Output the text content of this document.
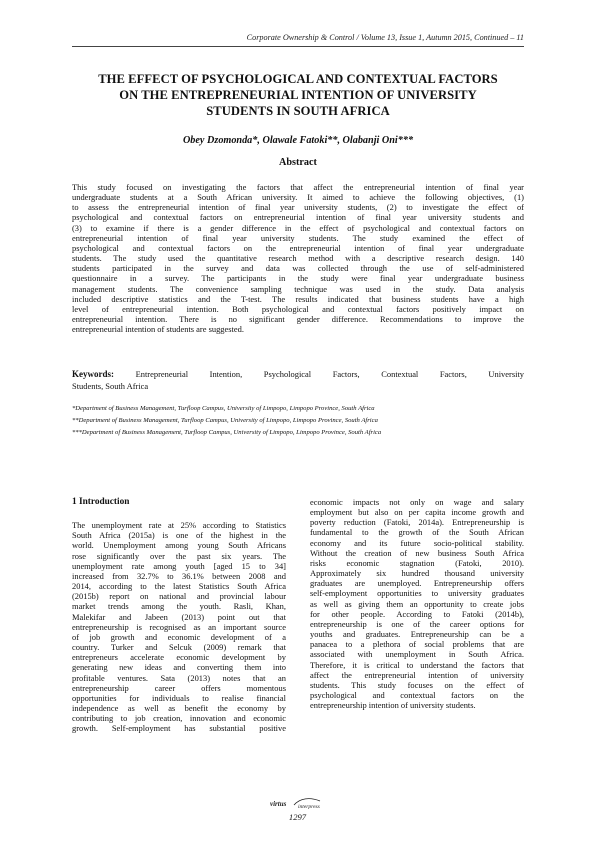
Corporate Ownership & Control / Volume 13, Issue 1, Autumn 2015, Continued – 11
THE EFFECT OF PSYCHOLOGICAL AND CONTEXTUAL FACTORS
ON THE ENTREPRENEURIAL INTENTION OF UNIVERSITY
STUDENTS IN SOUTH AFRICA
Obey Dzomonda*, Olawale Fatoki**, Olabanji Oni***
Abstract
This study focused on investigating the factors that affect the entrepreneurial intention of final year
undergraduate students at a South African university. It aimed to achieve the following objectives, (1)
to assess the entrepreneurial intention of final year university students, (2) to investigate the effect of
psychological and contextual factors on entrepreneurial intention of final year university students and
(3) to examine if there is a gender difference in the effect of psychological and contextual factors on
entrepreneurial intention of final year university students. The study examined the effect of
psychological and contextual factors on the entrepreneurial intention of final year undergraduate
students. The study used the quantitative research method with a descriptive research design. 140
students participated in the survey and data was collected through the use of self-administered
questionnaire in a survey. The participants in the study were final year undergraduate business
management students. The convenience sampling technique was used in the study. Data analysis
included descriptive statistics and the T-test. The results indicated that business students have a high
level of entrepreneurial intention. Both psychological and contextual factors positively impact on
entrepreneurial intention. There is no significant gender difference. Recommendations to improve the
entrepreneurial intention of students are suggested.
Keywords:	Entrepreneurial Intention, Psychological Factors, Contextual Factors, University
Students, South Africa
*Department of Business Management, Turfloop Campus, University of Limpopo, Limpopo Province, South Africa
**Department of Business Management, Turfloop Campus, University of Limpopo, Limpopo Province, South Africa
***Department of Business Management, Turfloop Campus, University of Limpopo, Limpopo Province, South Africa
1 Introduction
The unemployment rate at 25% according to Statistics
South Africa (2015a) is one of the highest in the
world. Unemployment among young South Africans
rose significantly over the past six years. The
unemployment rate among youth [aged 15 to 34]
increased from 32.7% to 36.1% between 2008 and
2014, according to the latest Statistics South Africa
(2015b) report on national and provincial labour
market trends among the youth. Rasli, Khan,
Malekifar and Jabeen (2013) point out that
entrepreneurship is recognised as an important source
of job growth and economic development of a
country. Turker and Selcuk (2009) remark that
entrepreneurs accelerate economic development by
generating new ideas and converting them into
profitable ventures. Sata (2013) notes that an
entrepreneurship career offers momentous
opportunities for individuals to realise financial
independence as well as benefit the economy by
contributing to job creation, innovation and economic
growth. Self-employment has substantial positive
economic impacts not only on wage and salary
employment but also on per capita income growth and
poverty reduction (Fatoki, 2014a). Entrepreneurship is
fundamental to the growth of the South African
economy and its future socio-political stability.
Without the creation of new business South Africa
risks economic stagnation (Fatoki, 2010).
Approximately six hundred thousand university
graduates are unemployed. Entrepreneurship offers
self-employment opportunities to university graduates
as well as giving them an opportunity to create jobs
for other people. According to Fatoki (2014b),
entrepreneurship is one of the career options for
youths and graduates. Entrepreneurship can be a
panacea to a plethora of social problems that are
associated with unemployment in South Africa.
Therefore, it is critical to understand the factors that
affect the entrepreneurial intention of university
students. This study focuses on the effect of
psychological and contextual factors on the
entrepreneurship intention of university students.
virtus interpress
1297
